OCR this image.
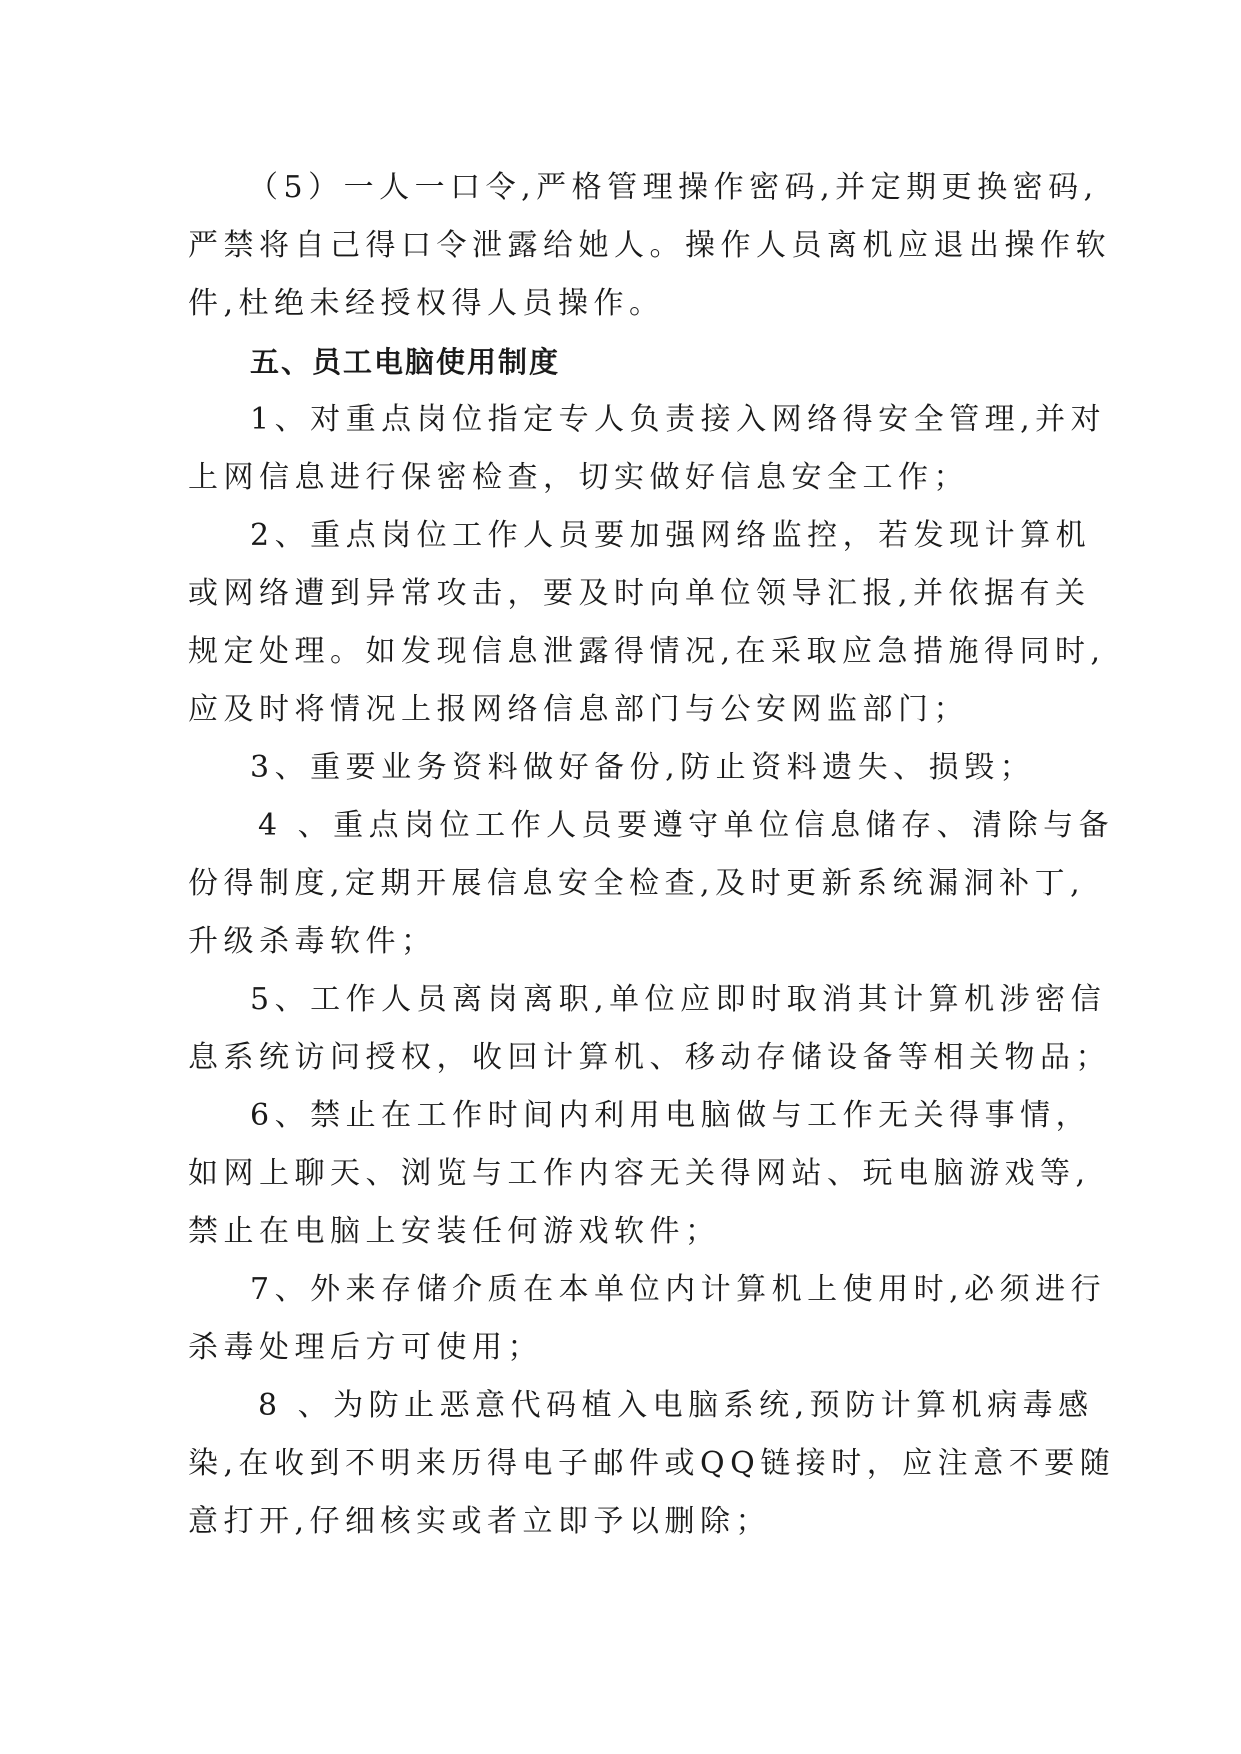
（5）一人一口令,严格管理操作密码,并定期更换密码,
严禁将自己得口令泄露给她人。操作人员离机应退出操作软
件,杜绝未经授权得人员操作。
五、员工电脑使用制度
1、对重点岗位指定专人负责接入网络得安全管理,并对
上网信息进行保密检查，切实做好信息安全工作；
2、重点岗位工作人员要加强网络监控，若发现计算机
或网络遭到异常攻击，要及时向单位领导汇报,并依据有关
规定处理。如发现信息泄露得情况,在采取应急措施得同时,
应及时将情况上报网络信息部门与公安网监部门；
3、重要业务资料做好备份,防止资料遗失、损毁；
4 、重点岗位工作人员要遵守单位信息储存、清除与备
份得制度,定期开展信息安全检查,及时更新系统漏洞补丁,
升级杀毒软件；
5、工作人员离岗离职,单位应即时取消其计算机涉密信
息系统访问授权，收回计算机、移动存储设备等相关物品；
6、禁止在工作时间内利用电脑做与工作无关得事情，
如网上聊天、浏览与工作内容无关得网站、玩电脑游戏等,
禁止在电脑上安装任何游戏软件；
7、外来存储介质在本单位内计算机上使用时,必须进行
杀毒处理后方可使用；
8 、为防止恶意代码植入电脑系统,预防计算机病毒感
染,在收到不明来历得电子邮件或QQ链接时，应注意不要随
意打开,仔细核实或者立即予以删除；
